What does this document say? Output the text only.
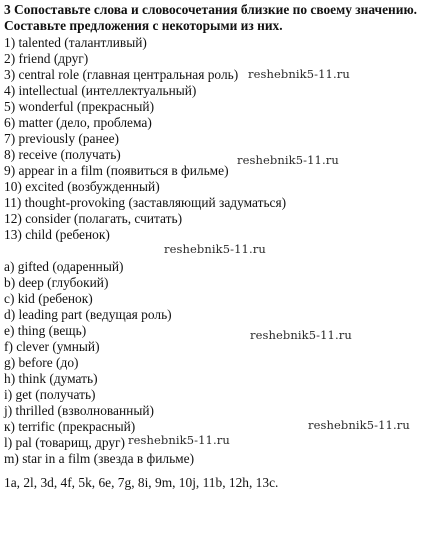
3 Сопоставьте слова и словосочетания близкие по своему значению.
Составьте предложения с некоторыми из них.
1) talented (талантливый)
2) friend (друг)
3) central role (главная центральная роль)
4) intellectual (интеллектуальный)
5) wonderful (прекрасный)
6) matter (дело, проблема)
7) previously (ранее)
8) receive (получать)
9) appear in a film (появиться в фильме)
10) excited (возбужденный)
11) thought-provoking (заставляющий задуматься)
12) consider (полагать, считать)
13) child (ребенок)
a) gifted (одаренный)
b) deep (глубокий)
c) kid (ребенок)
d) leading part (ведущая роль)
e) thing (вещь)
f) clever (умный)
g) before (до)
h) think (думать)
i) get (получать)
j) thrilled (взволнованный)
к) terrific (прекрасный)
l) pal (товарищ, друг)
m) star in a film (звезда в фильме)
1a, 2l, 3d, 4f, 5k, 6e, 7g, 8i, 9m, 10j, 11b, 12h, 13c.
reshebnik5-11.ru
reshebnik5-11.ru
reshebnik5-11.ru
reshebnik5-11.ru
reshebnik5-11.ru
reshebnik5-11.ru
